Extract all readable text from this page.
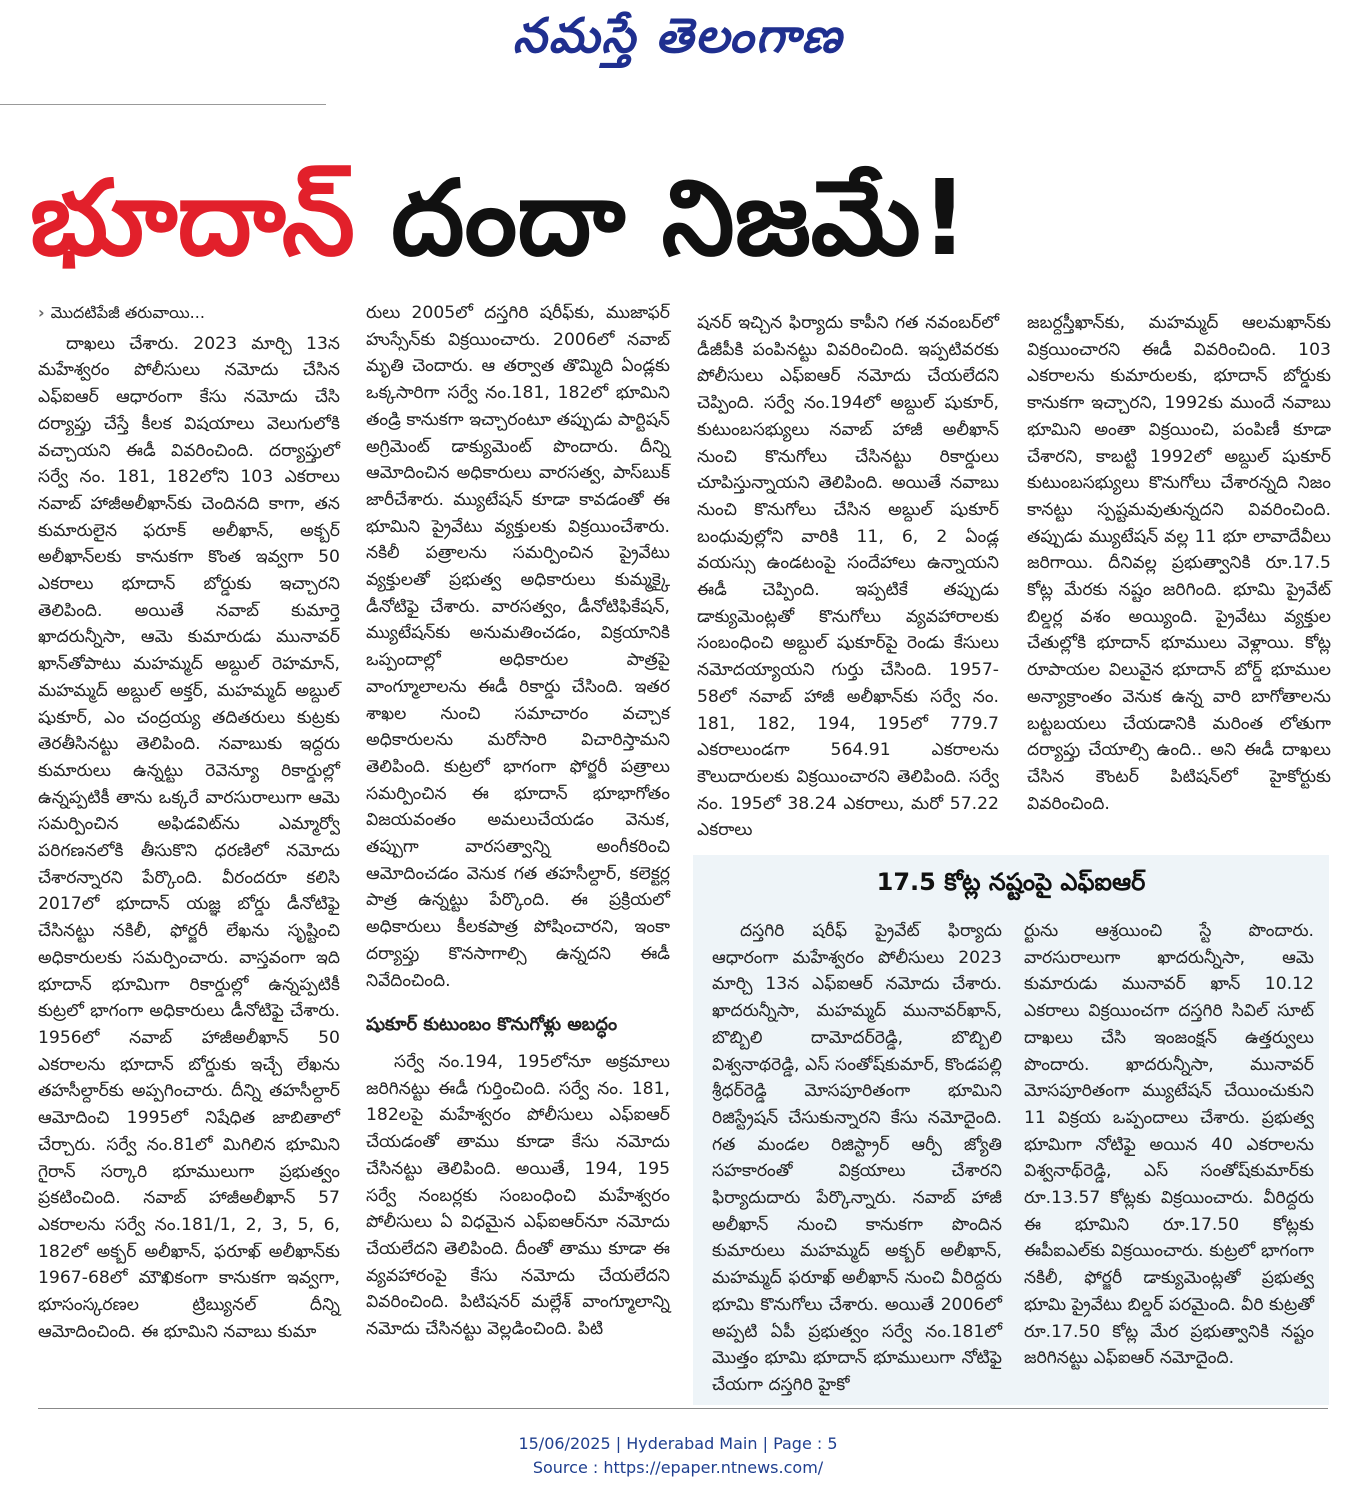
నమస్తే తెలంగాణ
భూదాన్ దందా నిజమే!

› మొదటిపేజీ తరువాయి...

దాఖలు చేశారు. 2023 మార్చి 13న మహేశ్వరం పోలీసులు నమోదు చేసిన ఎఫ్‌ఐఆర్ ఆధారంగా కేసు నమోదు చేసి దర్యాప్తు చేస్తే కీలక విషయాలు వెలుగులోకి వచ్చాయని ఈడీ వివరించింది. దర్యాప్తులో సర్వే నం. 181, 182లోని 103 ఎకరాలు నవాబ్ హాజీఅలీఖాన్‌కు చెందినది కాగా, తన కుమారులైన ఫరూక్ అలీఖాన్, అక్బర్ అలీఖాన్‌లకు కానుకగా కొంత ఇవ్వగా 50 ఎకరాలు భూదాన్ బోర్డుకు ఇచ్చారని తెలిపింది. అయితే నవాబ్ కుమార్తె ఖాదరున్నీసా, ఆమె కుమారుడు మునావర్ ఖాన్‌తోపాటు మహమ్మద్ అబ్దుల్ రెహమాన్, మహమ్మద్ అబ్దుల్ అక్తర్, మహమ్మద్ అబ్దుల్ షుకూర్, ఎం చంద్రయ్య తదితరులు కుట్రకు తెరతీసినట్టు తెలిపింది. నవాబుకు ఇద్దరు కుమారులు ఉన్నట్టు రెవెన్యూ రికార్డుల్లో ఉన్నప్పటికీ తాను ఒక్కరే వారసురాలుగా ఆమె సమర్పించిన అఫిడవిట్‌ను ఎమ్మార్వో పరిగణనలోకి తీసుకొని ధరణిలో నమోదు చేశారన్నారని పేర్కొంది. వీరందరూ కలిసి 2017లో భూదాన్ యజ్ఞ బోర్డు డీనోటిఫై చేసినట్టు నకిలీ, ఫోర్జరీ లేఖను సృష్టించి అధికారులకు సమర్పించారు. వాస్తవంగా ఇది భూదాన్ భూమిగా రికార్డుల్లో ఉన్నప్పటికీ కుట్రలో భాగంగా అధికారులు డీనోటిఫై చేశారు. 1956లో నవాబ్ హాజీఅలీఖాన్ 50 ఎకరాలను భూదాన్ బోర్డుకు ఇచ్చే లేఖను తహసీల్దార్‌కు అప్పగించారు. దీన్ని తహసీల్దార్ ఆమోదించి 1995లో నిషేధిత జాబితాలో చేర్చారు. సర్వే నం.81లో మిగిలిన భూమిని గైరాన్ సర్కారి భూములుగా ప్రభుత్వం ప్రకటించింది. నవాబ్ హాజీఅలీఖాన్ 57 ఎకరాలను సర్వే నం.181/1, 2, 3, 5, 6, 182లో అక్బర్ అలీఖాన్, ఫరూఖ్ అలీఖాన్‌కు 1967-68లో మౌఖికంగా కానుకగా ఇవ్వగా, భూసంస్కరణల ట్రిబ్యునల్ దీన్ని ఆమోదించింది. ఈ భూమిని నవాబు కుమా

రులు 2005లో దస్తగిరి షరీఫ్‌కు, ముజాఫర్ హుస్సేన్‌కు విక్రయించారు. 2006లో నవాబ్ మృతి చెందారు. ఆ తర్వాత తొమ్మిది ఏండ్లకు ఒక్కసారిగా సర్వే నం.181, 182లో భూమిని తండ్రి కానుకగా ఇచ్చారంటూ తప్పుడు పార్టిషన్ అగ్రిమెంట్ డాక్యుమెంట్ పొందారు. దీన్ని ఆమోదించిన అధికారులు వారసత్వ, పాస్‌బుక్ జారీచేశారు. మ్యుటేషన్ కూడా కావడంతో ఈ భూమిని ప్రైవేటు వ్యక్తులకు విక్రయించేశారు. నకిలీ పత్రాలను సమర్పించిన ప్రైవేటు వ్యక్తులతో ప్రభుత్వ అధికారులు కుమ్మక్కై డీనోటిఫై చేశారు. వారసత్వం, డీనోటిఫికేషన్, మ్యుటేషన్‌కు అనుమతించడం, విక్రయానికి ఒప్పందాల్లో అధికారుల పాత్రపై వాంగ్మూలాలను ఈడీ రికార్డు చేసింది. ఇతర శాఖల నుంచి సమాచారం వచ్చాక అధికారులను మరోసారి విచారిస్తామని తెలిపింది. కుట్రలో భాగంగా ఫోర్జరీ పత్రాలు సమర్పించిన ఈ భూదాన్ భూభాగోతం విజయవంతం అమలుచేయడం వెనుక, తప్పుగా వారసత్వాన్ని అంగీకరించి ఆమోదించడం వెనుక గత తహసీల్దార్, కలెక్టర్ల పాత్ర ఉన్నట్టు పేర్కొంది. ఈ ప్రక్రియలో అధికారులు కీలకపాత్ర పోషించారని, ఇంకా దర్యాప్తు కొనసాగాల్సి ఉన్నదని ఈడీ నివేదించింది.

షుకూర్ కుటుంబం కొనుగోళ్లు అబద్ధం

సర్వే నం.194, 195లోనూ అక్రమాలు జరిగినట్టు ఈడీ గుర్తించింది. సర్వే నం. 181, 182లపై మహేశ్వరం పోలీసులు ఎఫ్‌ఐఆర్ చేయడంతో తాము కూడా కేసు నమోదు చేసినట్టు తెలిపింది. అయితే, 194, 195 సర్వే నంబర్లకు సంబంధించి మహేశ్వరం పోలీసులు ఏ విధమైన ఎఫ్‌ఐఆర్‌నూ నమోదు చేయలేదని తెలిపింది. దీంతో తాము కూడా ఈ వ్యవహారంపై కేసు నమోదు చేయలేదని వివరించింది. పిటిషనర్ మల్లేశ్ వాంగ్మూలాన్ని నమోదు చేసినట్టు వెల్లడించింది. పిటి

షనర్ ఇచ్చిన ఫిర్యాదు కాపీని గత నవంబర్‌లో డీజీపీకి పంపినట్టు వివరించింది. ఇప్పటివరకు పోలీసులు ఎఫ్‌ఐఆర్ నమోదు చేయలేదని చెప్పింది. సర్వే నం.194లో అబ్దుల్ షుకూర్, కుటుంబసభ్యులు నవాబ్ హాజీ అలీఖాన్ నుంచి కొనుగోలు చేసినట్టు రికార్డులు చూపిస్తున్నాయని తెలిపింది. అయితే నవాబు నుంచి కొనుగోలు చేసిన అబ్దుల్ షుకూర్ బంధువుల్లోని వారికి 11, 6, 2 ఏండ్ల వయస్సు ఉండటంపై సందేహాలు ఉన్నాయని ఈడీ చెప్పింది. ఇప్పటికే తప్పుడు డాక్యుమెంట్లతో కొనుగోలు వ్యవహారాలకు సంబంధించి అబ్దుల్ షుకూర్‌పై రెండు కేసులు నమోదయ్యాయని గుర్తు చేసింది. 1957-58లో నవాబ్ హాజీ అలీఖాన్‌కు సర్వే నం. 181, 182, 194, 195లో 779.7 ఎకరాలుండగా 564.91 ఎకరాలను కౌలుదారులకు విక్రయించారని తెలిపింది. సర్వే నం. 195లో 38.24 ఎకరాలు, మరో 57.22 ఎకరాలు

జబర్దస్తీఖాన్‌కు, మహమ్మద్ ఆలమఖాన్‌కు విక్రయించారని ఈడీ వివరించింది. 103 ఎకరాలను కుమారులకు, భూదాన్ బోర్డుకు కానుకగా ఇచ్చారని, 1992కు ముందే నవాబు భూమిని అంతా విక్రయించి, పంపిణీ కూడా చేశారని, కాబట్టి 1992లో అబ్దుల్ షుకూర్ కుటుంబసభ్యులు కొనుగోలు చేశారన్నది నిజం కానట్టు స్పష్టమవుతున్నదని వివరించింది. తప్పుడు మ్యుటేషన్ వల్ల 11 భూ లావాదేవీలు జరిగాయి. దీనివల్ల ప్రభుత్వానికి రూ.17.5 కోట్ల మేరకు నష్టం జరిగింది. భూమి ప్రైవేట్ బిల్డర్ల వశం అయ్యింది. ప్రైవేటు వ్యక్తుల చేతుల్లోకి భూదాన్ భూములు వెళ్లాయి. కోట్ల రూపాయల విలువైన భూదాన్ బోర్డ్ భూముల అన్యాక్రాంతం వెనుక ఉన్న వారి బాగోతాలను బట్టబయలు చేయడానికి మరింత లోతుగా దర్యాప్తు చేయాల్సి ఉంది.. అని ఈడీ దాఖలు చేసిన కౌంటర్ పిటిషన్‌లో హైకోర్టుకు వివరించింది.

17.5 కోట్ల నష్టంపై ఎఫ్‌ఐఆర్

దస్తగిరి షరీఫ్ ప్రైవేట్ ఫిర్యాదు ఆధారంగా మహేశ్వరం పోలీసులు 2023 మార్చి 13న ఎఫ్‌ఐఆర్ నమోదు చేశారు. ఖాదరున్నీసా, మహమ్మద్ మునావర్‌ఖాన్, బొబ్బిలి దామోదర్‌రెడ్డి, బొబ్బిలి విశ్వనాథరెడ్డి, ఎస్ సంతోష్‌కుమార్, కొండపల్లి శ్రీధర్‌రెడ్డి మోసపూరితంగా భూమిని రిజిస్ట్రేషన్ చేసుకున్నారని కేసు నమోదైంది. గత మండల రిజిస్ట్రార్ ఆర్పీ జ్యోతి సహకారంతో విక్రయాలు చేశారని ఫిర్యాదుదారు పేర్కొన్నారు. నవాబ్ హాజీ అలీఖాన్ నుంచి కానుకగా పొందిన కుమారులు మహమ్మద్ అక్బర్ అలీఖాన్, మహమ్మద్ ఫరూఖ్ అలీఖాన్ నుంచి వీరిద్దరు భూమి కొనుగోలు చేశారు. అయితే 2006లో అప్పటి ఏపీ ప్రభుత్వం సర్వే నం.181లో మొత్తం భూమి భూదాన్ భూములుగా నోటిఫై చేయగా దస్తగిరి హైకో

ర్టును ఆశ్రయించి స్టే పొందారు. వారసురాలుగా ఖాదరున్నీసా, ఆమె కుమారుడు మునావర్ ఖాన్ 10.12 ఎకరాలు విక్రయించగా దస్తగిరి సివిల్ సూట్ దాఖలు చేసి ఇంజంక్షన్ ఉత్తర్వులు పొందారు. ఖాదరున్నీసా, మునావర్ మోసపూరితంగా మ్యుటేషన్ చేయించుకుని 11 విక్రయ ఒప్పందాలు చేశారు. ప్రభుత్వ భూమిగా నోటిఫై అయిన 40 ఎకరాలను విశ్వనాథ్‌రెడ్డి, ఎస్ సంతోష్‌కుమార్‌కు రూ.13.57 కోట్లకు విక్రయించారు. వీరిద్దరు ఈ భూమిని రూ.17.50 కోట్లకు ఈపీఐఎల్‌కు విక్రయించారు. కుట్రలో భాగంగా నకిలీ, ఫోర్జరీ డాక్యుమెంట్లతో ప్రభుత్వ భూమి ప్రైవేటు బిల్డర్ పరమైంది. వీరి కుట్రతో రూ.17.50 కోట్ల మేర ప్రభుత్వానికి నష్టం జరిగినట్టు ఎఫ్‌ఐఆర్ నమోదైంది.

15/06/2025 | Hyderabad Main | Page : 5
Source : https://epaper.ntnews.com/
